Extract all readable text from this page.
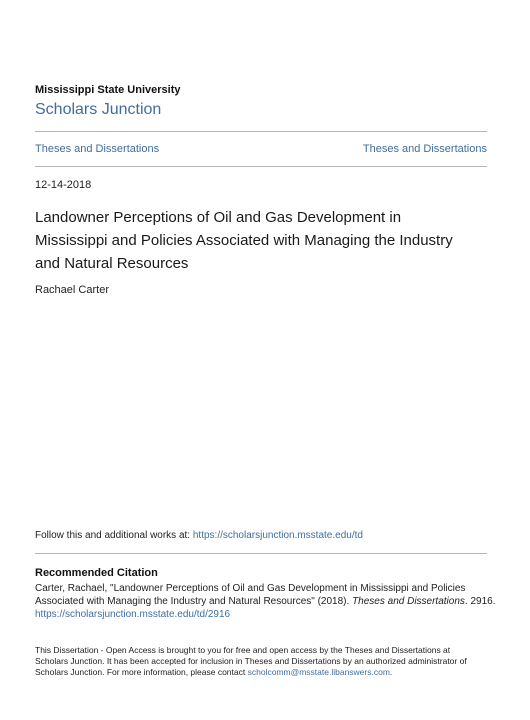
Mississippi State University
Scholars Junction
Theses and Dissertations	Theses and Dissertations
12-14-2018
Landowner Perceptions of Oil and Gas Development in
Mississippi and Policies Associated with Managing the Industry
and Natural Resources
Rachael Carter
Follow this and additional works at: https://scholarsjunction.msstate.edu/td
Recommended Citation
Carter, Rachael, "Landowner Perceptions of Oil and Gas Development in Mississippi and Policies
Associated with Managing the Industry and Natural Resources" (2018). Theses and Dissertations. 2916.
https://scholarsjunction.msstate.edu/td/2916
This Dissertation - Open Access is brought to you for free and open access by the Theses and Dissertations at
Scholars Junction. It has been accepted for inclusion in Theses and Dissertations by an authorized administrator of
Scholars Junction. For more information, please contact scholcomm@msstate.libanswers.com.
